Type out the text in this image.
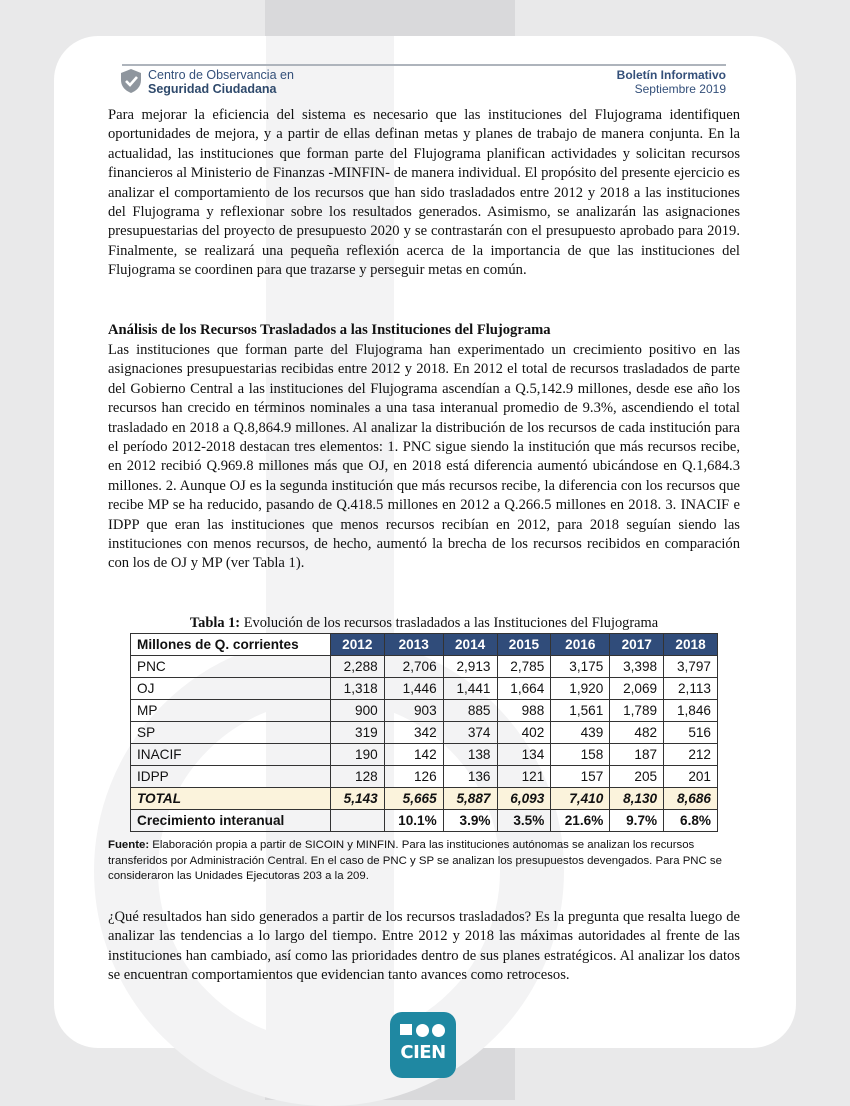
Centro de Observancia en
Seguridad Ciudadana
Boletín Informativo
Septiembre 2019

Para mejorar la eficiencia del sistema es necesario que las instituciones del Flujograma identifiquen oportunidades de mejora, y a partir de ellas definan metas y planes de trabajo de manera conjunta. En la actualidad, las instituciones que forman parte del Flujograma planifican actividades y solicitan recursos financieros al Ministerio de Finanzas -MINFIN- de manera individual. El propósito del presente ejercicio es analizar el comportamiento de los recursos que han sido trasladados entre 2012 y 2018 a las instituciones del Flujograma y reflexionar sobre los resultados generados. Asimismo, se analizarán las asignaciones presupuestarias del proyecto de presupuesto 2020 y se contrastarán con el presupuesto aprobado para 2019. Finalmente, se realizará una pequeña reflexión acerca de la importancia de que las instituciones del Flujograma se coordinen para que trazarse y perseguir metas en común.

Análisis de los Recursos Trasladados a las Instituciones del Flujograma

Las instituciones que forman parte del Flujograma han experimentado un crecimiento positivo en las asignaciones presupuestarias recibidas entre 2012 y 2018. En 2012 el total de recursos trasladados de parte del Gobierno Central a las instituciones del Flujograma ascendían a Q.5,142.9 millones, desde ese año los recursos han crecido en términos nominales a una tasa interanual promedio de 9.3%, ascendiendo el total trasladado en 2018 a Q.8,864.9 millones. Al analizar la distribución de los recursos de cada institución para el período 2012-2018 destacan tres elementos: 1. PNC sigue siendo la institución que más recursos recibe, en 2012 recibió Q.969.8 millones más que OJ, en 2018 está diferencia aumentó ubicándose en Q.1,684.3 millones. 2. Aunque OJ es la segunda institución que más recursos recibe, la diferencia con los recursos que recibe MP se ha reducido, pasando de Q.418.5 millones en 2012 a Q.266.5 millones en 2018. 3. INACIF e IDPP que eran las instituciones que menos recursos recibían en 2012, para 2018 seguían siendo las instituciones con menos recursos, de hecho, aumentó la brecha de los recursos recibidos en comparación con los de OJ y MP (ver Tabla 1).

Tabla 1: Evolución de los recursos trasladados a las Instituciones del Flujograma
Millones de Q. corrientes	2012	2013	2014	2015	2016	2017	2018
PNC	2,288	2,706	2,913	2,785	3,175	3,398	3,797
OJ	1,318	1,446	1,441	1,664	1,920	2,069	2,113
MP	900	903	885	988	1,561	1,789	1,846
SP	319	342	374	402	439	482	516
INACIF	190	142	138	134	158	187	212
IDPP	128	126	136	121	157	205	201
TOTAL	5,143	5,665	5,887	6,093	7,410	8,130	8,686
Crecimiento interanual		10.1%	3.9%	3.5%	21.6%	9.7%	6.8%

Fuente: Elaboración propia a partir de SICOIN y MINFIN. Para las instituciones autónomas se analizan los recursos transferidos por Administración Central. En el caso de PNC y SP se analizan los presupuestos devengados. Para PNC se consideraron las Unidades Ejecutoras 203 a la 209.

¿Qué resultados han sido generados a partir de los recursos trasladados? Es la pregunta que resalta luego de analizar las tendencias a lo largo del tiempo. Entre 2012 y 2018 las máximas autoridades al frente de las instituciones han cambiado, así como las prioridades dentro de sus planes estratégicos. Al analizar los datos se encuentran comportamientos que evidencian tanto avances como retrocesos.

CIEN
